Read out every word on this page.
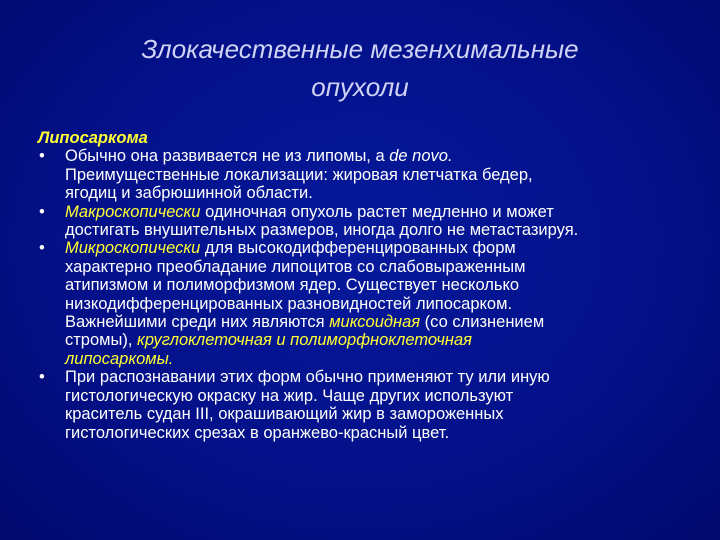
Злокачественные мезенхимальные
опухоли
Липосаркома
• Обычно она развивается не из липомы, а de novo.
Преимущественные локализации: жировая клетчатка бедер,
ягодиц и забрюшинной области.
• Макроскопически одиночная опухоль растет медленно и может
достигать внушительных размеров, иногда долго не метастазируя.
• Микроскопически для высокодифференцированных форм
характерно преобладание липоцитов со слабовыраженным
атипизмом и полиморфизмом ядер. Существует несколько
низкодифференцированных разновидностей липосарком.
Важнейшими среди них являются миксоидная (со слизнением
стромы), круглоклеточная и полиморфноклеточная
липосаркомы.
• При распознавании этих форм обычно применяют ту или иную
гистологическую окраску на жир. Чаще других используют
краситель судан III, окрашивающий жир в замороженных
гистологических срезах в оранжево-красный цвет.
